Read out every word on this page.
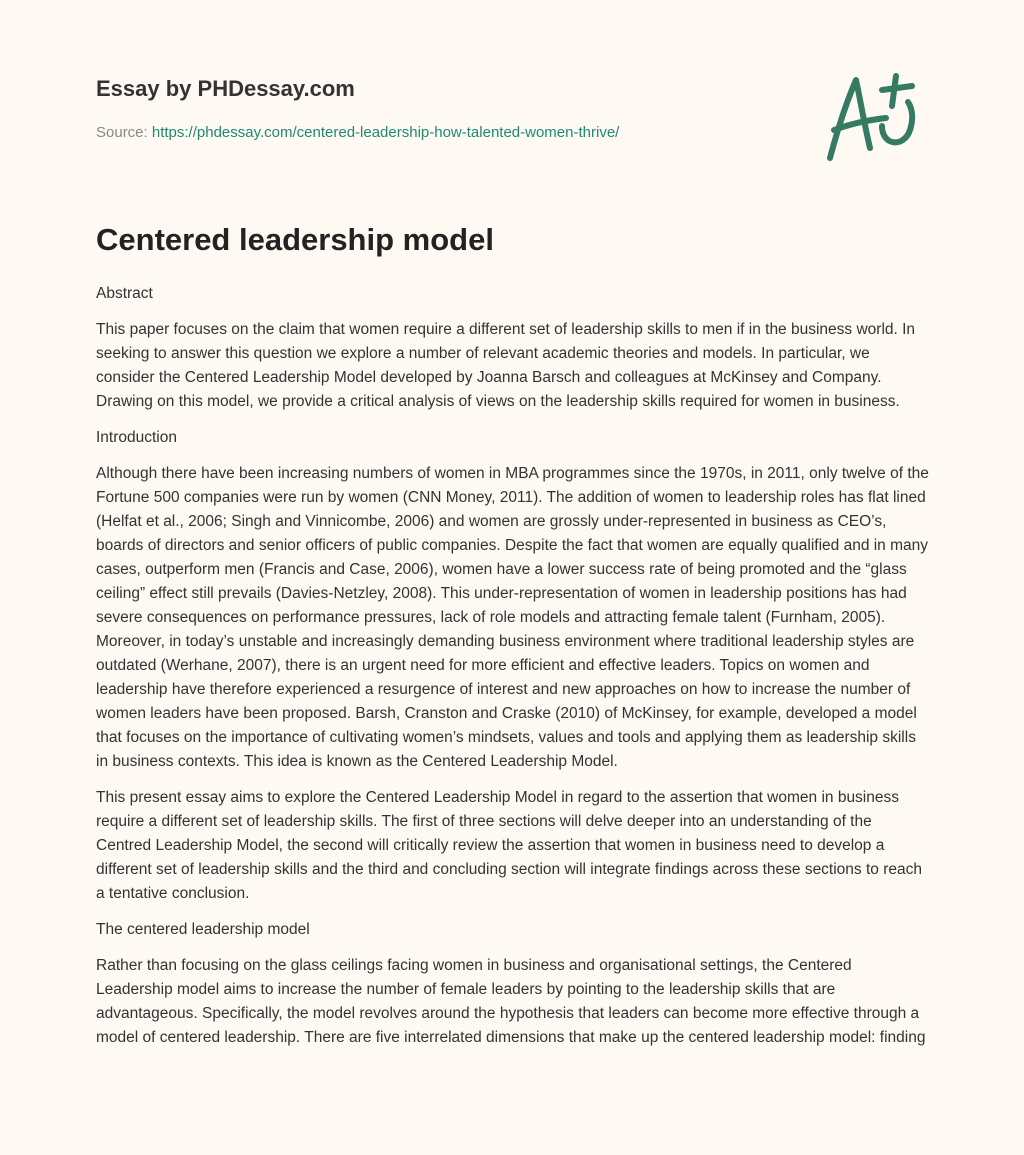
Essay by PHDessay.com

Source: https://phdessay.com/centered-leadership-how-talented-women-thrive/
Centered leadership model

Abstract

This paper focuses on the claim that women require a different set of leadership skills to men if in the business world. In seeking to answer this question we explore a number of relevant academic theories and models. In particular, we consider the Centered Leadership Model developed by Joanna Barsch and colleagues at McKinsey and Company. Drawing on this model, we provide a critical analysis of views on the leadership skills required for women in business.

Introduction

Although there have been increasing numbers of women in MBA programmes since the 1970s, in 2011, only twelve of the Fortune 500 companies were run by women (CNN Money, 2011). The addition of women to leadership roles has flat lined (Helfat et al., 2006; Singh and Vinnicombe, 2006) and women are grossly under-represented in business as CEO’s, boards of directors and senior officers of public companies. Despite the fact that women are equally qualified and in many cases, outperform men (Francis and Case, 2006), women have a lower success rate of being promoted and the “glass ceiling” effect still prevails (Davies-Netzley, 2008). This under-representation of women in leadership positions has had severe consequences on performance pressures, lack of role models and attracting female talent (Furnham, 2005). Moreover, in today’s unstable and increasingly demanding business environment where traditional leadership styles are outdated (Werhane, 2007), there is an urgent need for more efficient and effective leaders. Topics on women and leadership have therefore experienced a resurgence of interest and new approaches on how to increase the number of women leaders have been proposed. Barsh, Cranston and Craske (2010) of McKinsey, for example, developed a model that focuses on the importance of cultivating women’s mindsets, values and tools and applying them as leadership skills in business contexts. This idea is known as the Centered Leadership Model.

This present essay aims to explore the Centered Leadership Model in regard to the assertion that women in business require a different set of leadership skills. The first of three sections will delve deeper into an understanding of the Centred Leadership Model, the second will critically review the assertion that women in business need to develop a different set of leadership skills and the third and concluding section will integrate findings across these sections to reach a tentative conclusion.

The centered leadership model

Rather than focusing on the glass ceilings facing women in business and organisational settings, the Centered Leadership model aims to increase the number of female leaders by pointing to the leadership skills that are advantageous. Specifically, the model revolves around the hypothesis that leaders can become more effective through a model of centered leadership. There are five interrelated dimensions that make up the centered leadership model: finding
